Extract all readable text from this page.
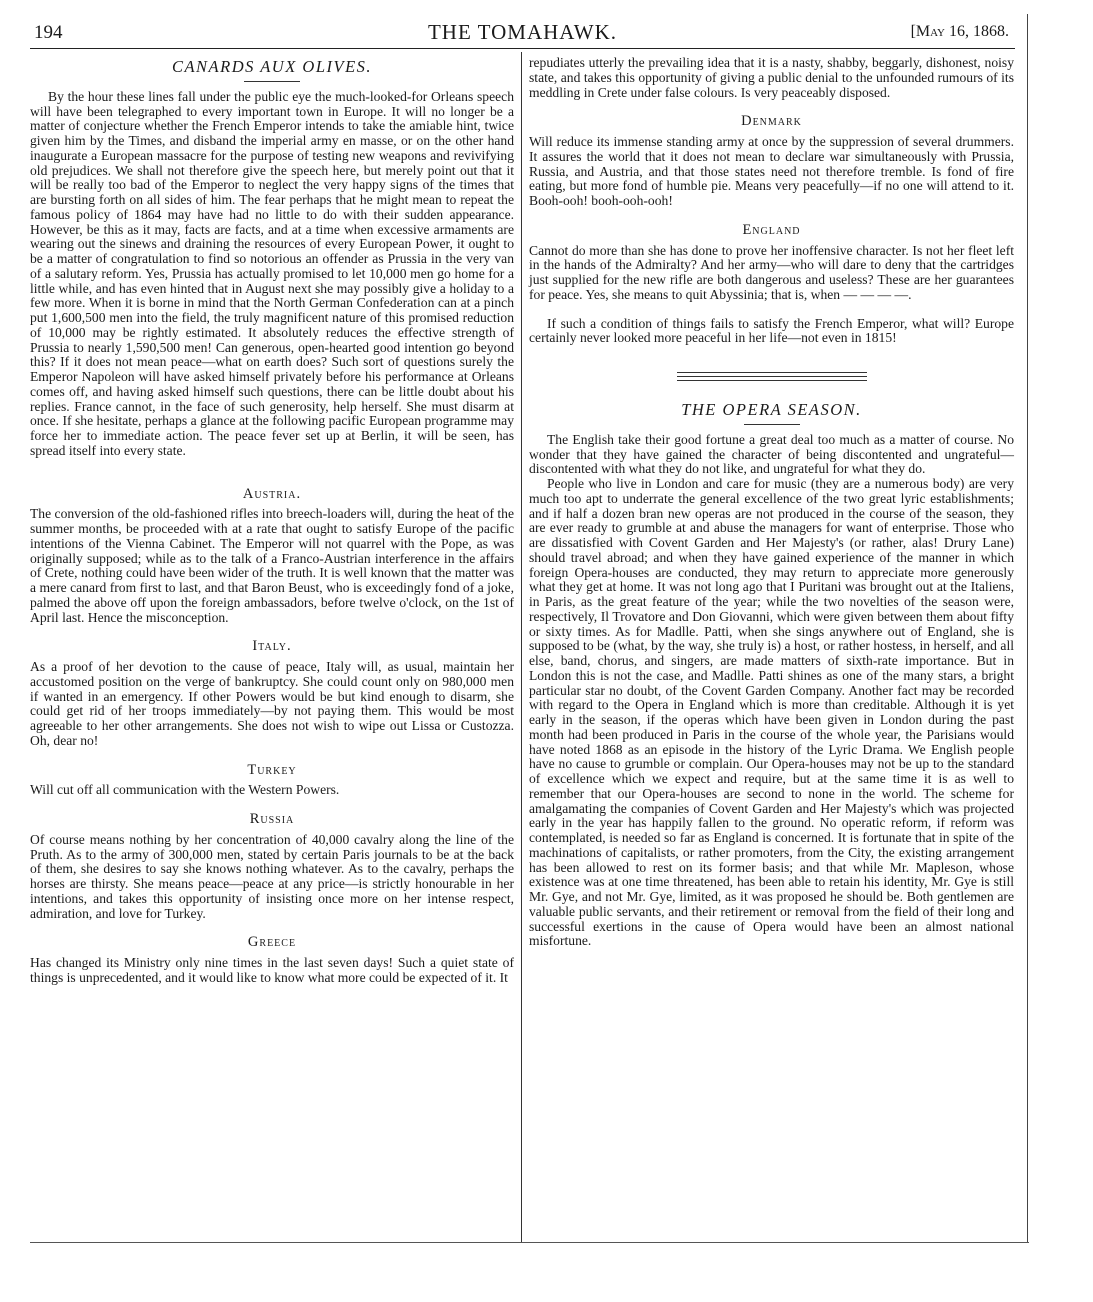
194	THE TOMAHAWK.	[May 16, 1868.
CANARDS AUX OLIVES.

By the hour these lines fall under the public eye the much-looked-for Orleans speech will have been telegraphed to every important town in Europe. It will no longer be a matter of conjecture whether the French Emperor intends to take the amiable hint, twice given him by the Times, and disband the imperial army en masse, or on the other hand inaugurate a European massacre for the purpose of testing new weapons and revivifying old prejudices. We shall not therefore give the speech here, but merely point out that it will be really too bad of the Emperor to neglect the very happy signs of the times that are bursting forth on all sides of him. The fear perhaps that he might mean to repeat the famous policy of 1864 may have had no little to do with their sudden appearance. However, be this as it may, facts are facts, and at a time when excessive armaments are wearing out the sinews and draining the resources of every European Power, it ought to be a matter of congratulation to find so notorious an offender as Prussia in the very van of a salutary reform. Yes, Prussia has actually promised to let 10,000 men go home for a little while, and has even hinted that in August next she may possibly give a holiday to a few more. When it is borne in mind that the North German Confederation can at a pinch put 1,600,500 men into the field, the truly magnificent nature of this promised reduction of 10,000 may be rightly estimated. It absolutely reduces the effective strength of Prussia to nearly 1,590,500 men! Can generous, open-hearted good intention go beyond this? If it does not mean peace—what on earth does? Such sort of questions surely the Emperor Napoleon will have asked himself privately before his performance at Orleans comes off, and having asked himself such questions, there can be little doubt about his replies. France cannot, in the face of such generosity, help herself. She must disarm at once. If she hesitate, perhaps a glance at the following pacific European programme may force her to immediate action. The peace fever set up at Berlin, it will be seen, has spread itself into every state.

Austria.

The conversion of the old-fashioned rifles into breech-loaders will, during the heat of the summer months, be proceeded with at a rate that ought to satisfy Europe of the pacific intentions of the Vienna Cabinet. The Emperor will not quarrel with the Pope, as was originally supposed; while as to the talk of a Franco-Austrian interference in the affairs of Crete, nothing could have been wider of the truth. It is well known that the matter was a mere canard from first to last, and that Baron Beust, who is exceedingly fond of a joke, palmed the above off upon the foreign ambassadors, before twelve o'clock, on the 1st of April last. Hence the misconception.

Italy.

As a proof of her devotion to the cause of peace, Italy will, as usual, maintain her accustomed position on the verge of bankruptcy. She could count only on 980,000 men if wanted in an emergency. If other Powers would be but kind enough to disarm, she could get rid of her troops immediately—by not paying them. This would be most agreeable to her other arrangements. She does not wish to wipe out Lissa or Custozza. Oh, dear no!

Turkey

Will cut off all communication with the Western Powers.

Russia

Of course means nothing by her concentration of 40,000 cavalry along the line of the Pruth. As to the army of 300,000 men, stated by certain Paris journals to be at the back of them, she desires to say she knows nothing whatever. As to the cavalry, perhaps the horses are thirsty. She means peace—peace at any price—is strictly honourable in her intentions, and takes this opportunity of insisting once more on her intense respect, admiration, and love for Turkey.

Greece

Has changed its Ministry only nine times in the last seven days! Such a quiet state of things is unprecedented, and it would like to know what more could be expected of it. It

repudiates utterly the prevailing idea that it is a nasty, shabby, beggarly, dishonest, noisy state, and takes this opportunity of giving a public denial to the unfounded rumours of its meddling in Crete under false colours. Is very peaceably disposed.

Denmark

Will reduce its immense standing army at once by the suppression of several drummers. It assures the world that it does not mean to declare war simultaneously with Prussia, Russia, and Austria, and that those states need not therefore tremble. Is fond of fire eating, but more fond of humble pie. Means very peacefully—if no one will attend to it. Booh-ooh! booh-ooh-ooh!

England

Cannot do more than she has done to prove her inoffensive character. Is not her fleet left in the hands of the Admiralty? And her army—who will dare to deny that the cartridges just supplied for the new rifle are both dangerous and useless? These are her guarantees for peace. Yes, she means to quit Abyssinia; that is, when — — — —.

If such a condition of things fails to satisfy the French Emperor, what will? Europe certainly never looked more peaceful in her life—not even in 1815!

THE OPERA SEASON.

The English take their good fortune a great deal too much as a matter of course. No wonder that they have gained the character of being discontented and ungrateful—discontented with what they do not like, and ungrateful for what they do.

People who live in London and care for music (they are a numerous body) are very much too apt to underrate the general excellence of the two great lyric establishments; and if half a dozen bran new operas are not produced in the course of the season, they are ever ready to grumble at and abuse the managers for want of enterprise. Those who are dissatisfied with Covent Garden and Her Majesty's (or rather, alas! Drury Lane) should travel abroad; and when they have gained experience of the manner in which foreign Opera-houses are conducted, they may return to appreciate more generously what they get at home. It was not long ago that I Puritani was brought out at the Italiens, in Paris, as the great feature of the year; while the two novelties of the season were, respectively, Il Trovatore and Don Giovanni, which were given between them about fifty or sixty times. As for Madlle. Patti, when she sings anywhere out of England, she is supposed to be (what, by the way, she truly is) a host, or rather hostess, in herself, and all else, band, chorus, and singers, are made matters of sixth-rate importance. But in London this is not the case, and Madlle. Patti shines as one of the many stars, a bright particular star no doubt, of the Covent Garden Company. Another fact may be recorded with regard to the Opera in England which is more than creditable. Although it is yet early in the season, if the operas which have been given in London during the past month had been produced in Paris in the course of the whole year, the Parisians would have noted 1868 as an episode in the history of the Lyric Drama. We English people have no cause to grumble or complain. Our Opera-houses may not be up to the standard of excellence which we expect and require, but at the same time it is as well to remember that our Opera-houses are second to none in the world. The scheme for amalgamating the companies of Covent Garden and Her Majesty's which was projected early in the year has happily fallen to the ground. No operatic reform, if reform was contemplated, is needed so far as England is concerned. It is fortunate that in spite of the machinations of capitalists, or rather promoters, from the City, the existing arrangement has been allowed to rest on its former basis; and that while Mr. Mapleson, whose existence was at one time threatened, has been able to retain his identity, Mr. Gye is still Mr. Gye, and not Mr. Gye, limited, as it was proposed he should be. Both gentlemen are valuable public servants, and their retirement or removal from the field of their long and successful exertions in the cause of Opera would have been an almost national misfortune.
